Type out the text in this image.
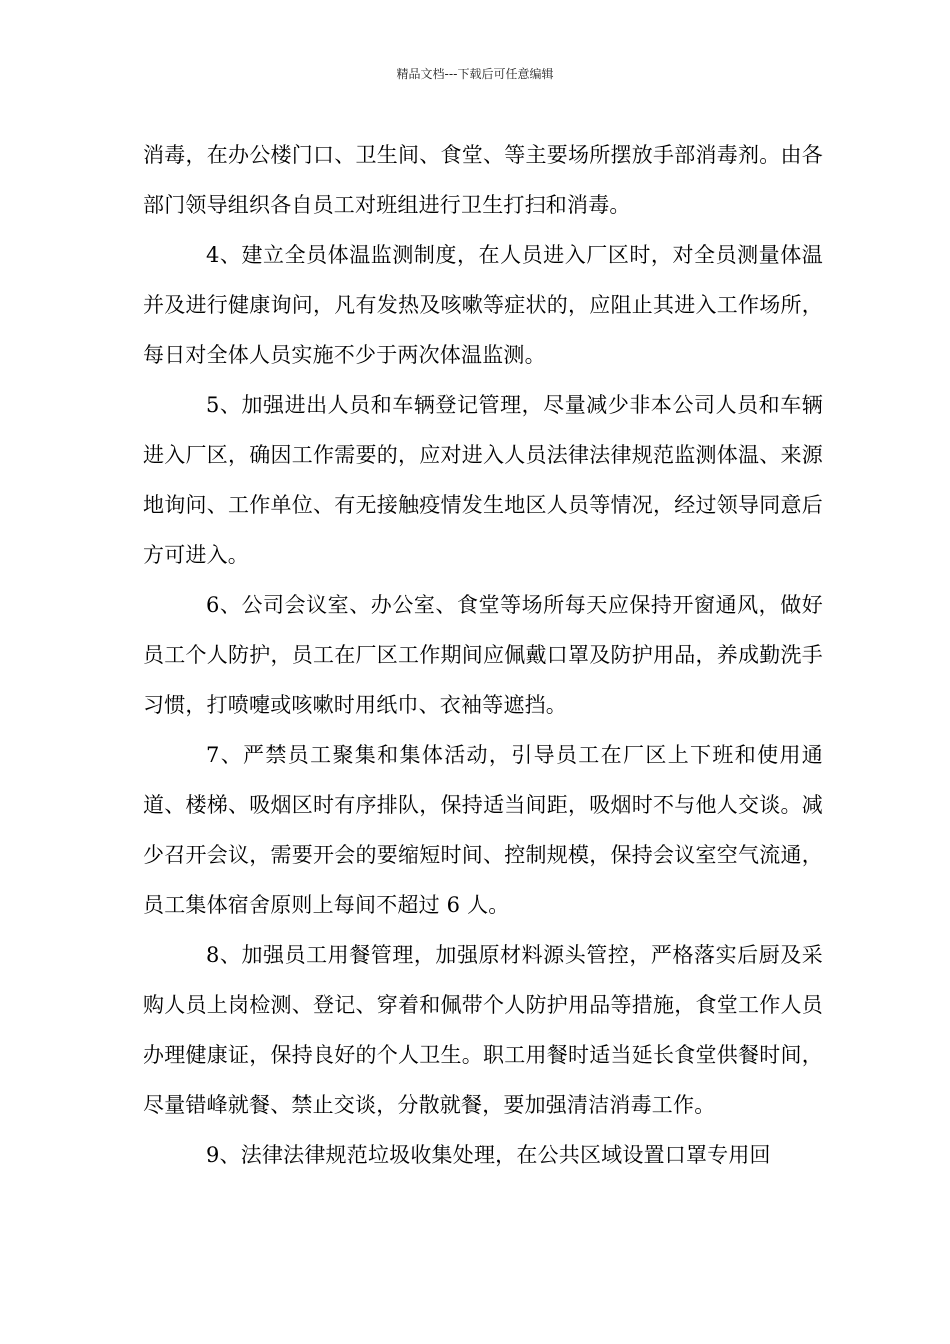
精品文档---下载后可任意编辑

消毒，在办公楼门口、卫生间、食堂、等主要场所摆放手部消毒剂。由各部门领导组织各自员工对班组进行卫生打扫和消毒。

4、建立全员体温监测制度，在人员进入厂区时，对全员测量体温并及进行健康询问，凡有发热及咳嗽等症状的，应阻止其进入工作场所，每日对全体人员实施不少于两次体温监测。

5、加强进出人员和车辆登记管理，尽量减少非本公司人员和车辆进入厂区，确因工作需要的，应对进入人员法律法律规范监测体温、来源地询问、工作单位、有无接触疫情发生地区人员等情况，经过领导同意后方可进入。

6、公司会议室、办公室、食堂等场所每天应保持开窗通风，做好员工个人防护，员工在厂区工作期间应佩戴口罩及防护用品，养成勤洗手习惯，打喷嚏或咳嗽时用纸巾、衣袖等遮挡。

7、严禁员工聚集和集体活动，引导员工在厂区上下班和使用通道、楼梯、吸烟区时有序排队，保持适当间距，吸烟时不与他人交谈。减少召开会议，需要开会的要缩短时间、控制规模，保持会议室空气流通，员工集体宿舍原则上每间不超过 6 人。

8、加强员工用餐管理，加强原材料源头管控，严格落实后厨及采购人员上岗检测、登记、穿着和佩带个人防护用品等措施，食堂工作人员办理健康证，保持良好的个人卫生。职工用餐时适当延长食堂供餐时间，尽量错峰就餐、禁止交谈，分散就餐，要加强清洁消毒工作。

9、法律法律规范垃圾收集处理，在公共区域设置口罩专用回
